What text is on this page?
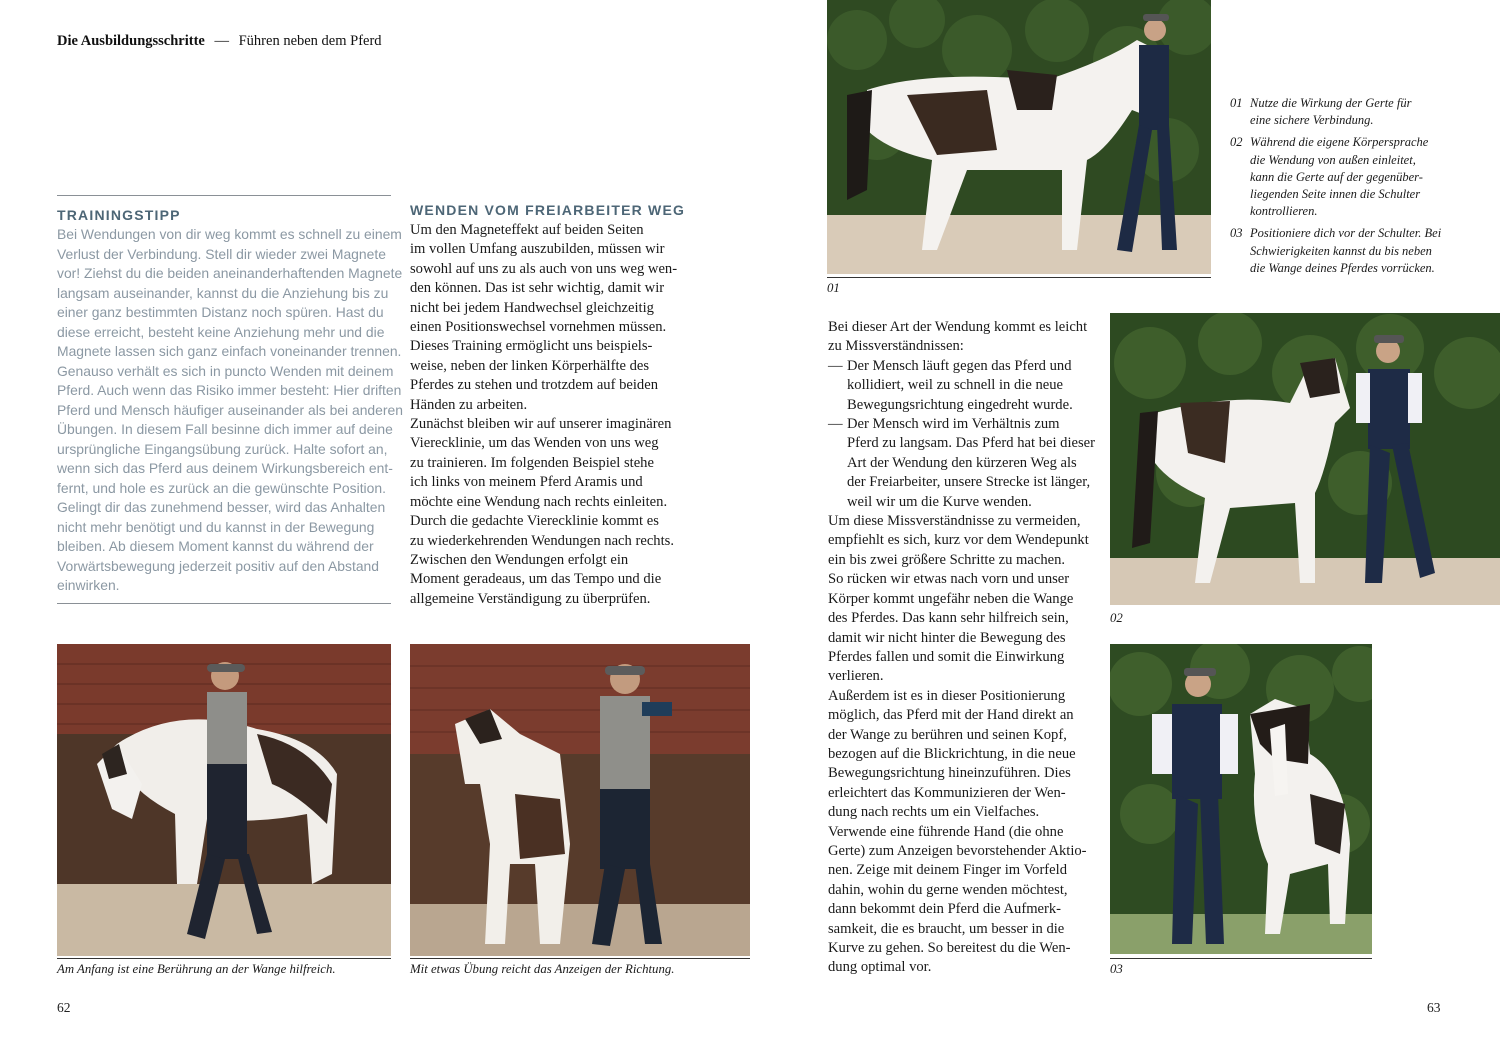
Die Ausbildungsschritte — Führen neben dem Pferd
TRAININGSTIPP
Bei Wendungen von dir weg kommt es schnell zu einem
Verlust der Verbindung. Stell dir wieder zwei Magnete
vor! Ziehst du die beiden aneinanderhaftenden Magnete
langsam auseinander, kannst du die Anziehung bis zu
einer ganz bestimmten Distanz noch spüren. Hast du
diese erreicht, besteht keine Anziehung mehr und die
Magnete lassen sich ganz einfach voneinander trennen.
Genauso verhält es sich in puncto Wenden mit deinem
Pferd. Auch wenn das Risiko immer besteht: Hier driften
Pferd und Mensch häufiger auseinander als bei anderen
Übungen. In diesem Fall besinne dich immer auf deine
ursprüngliche Eingangsübung zurück. Halte sofort an,
wenn sich das Pferd aus deinem Wirkungsbereich ent-
fernt, und hole es zurück an die gewünschte Position.
Gelingt dir das zunehmend besser, wird das Anhalten
nicht mehr benötigt und du kannst in der Bewegung
bleiben. Ab diesem Moment kannst du während der
Vorwärtsbewegung jederzeit positiv auf den Abstand
einwirken.
WENDEN VOM FREIARBEITER WEG
Um den Magneteffekt auf beiden Seiten
im vollen Umfang auszubilden, müssen wir
sowohl auf uns zu als auch von uns weg wen-
den können. Das ist sehr wichtig, damit wir
nicht bei jedem Handwechsel gleichzeitig
einen Positionswechsel vornehmen müssen.
Dieses Training ermöglicht uns beispiels-
weise, neben der linken Körperhälfte des
Pferdes zu stehen und trotzdem auf beiden
Händen zu arbeiten.
Zunächst bleiben wir auf unserer imaginären
Vierecklinie, um das Wenden von uns weg
zu trainieren. Im folgenden Beispiel stehe
ich links von meinem Pferd Aramis und
möchte eine Wendung nach rechts einleiten.
Durch die gedachte Vierecklinie kommt es
zu wiederkehrenden Wendungen nach rechts.
Zwischen den Wendungen erfolgt ein
Moment geradeaus, um das Tempo und die
allgemeine Verständigung zu überprüfen.
Am Anfang ist eine Berührung an der Wange hilfreich.	Mit etwas Übung reicht das Anzeigen der Richtung.
62
01
01 Nutze die Wirkung der Gerte für
eine sichere Verbindung.
02 Während die eigene Körpersprache
die Wendung von außen einleitet,
kann die Gerte auf der gegenüber-
liegenden Seite innen die Schulter
kontrollieren.
03 Positioniere dich vor der Schulter. Bei
Schwierigkeiten kannst du bis neben
die Wange deines Pferdes vorrücken.
Bei dieser Art der Wendung kommt es leicht
zu Missverständnissen:
— Der Mensch läuft gegen das Pferd und
kollidiert, weil zu schnell in die neue
Bewegungsrichtung eingedreht wurde.
— Der Mensch wird im Verhältnis zum
Pferd zu langsam. Das Pferd hat bei dieser
Art der Wendung den kürzeren Weg als
der Freiarbeiter, unsere Strecke ist länger,
weil wir um die Kurve wenden.
Um diese Missverständnisse zu vermeiden,
empfiehlt es sich, kurz vor dem Wendepunkt
ein bis zwei größere Schritte zu machen.
So rücken wir etwas nach vorn und unser
Körper kommt ungefähr neben die Wange
des Pferdes. Das kann sehr hilfreich sein,
damit wir nicht hinter die Bewegung des
Pferdes fallen und somit die Einwirkung
verlieren.
Außerdem ist es in dieser Positionierung
möglich, das Pferd mit der Hand direkt an
der Wange zu berühren und seinen Kopf,
bezogen auf die Blickrichtung, in die neue
Bewegungsrichtung hineinzuführen. Dies
erleichtert das Kommunizieren der Wen-
dung nach rechts um ein Vielfaches.
Verwende eine führende Hand (die ohne
Gerte) zum Anzeigen bevorstehender Aktio-
nen. Zeige mit deinem Finger im Vorfeld
dahin, wohin du gerne wenden möchtest,
dann bekommt dein Pferd die Aufmerk-
samkeit, die es braucht, um besser in die
Kurve zu gehen. So bereitest du die Wen-
dung optimal vor.
02
03
63
